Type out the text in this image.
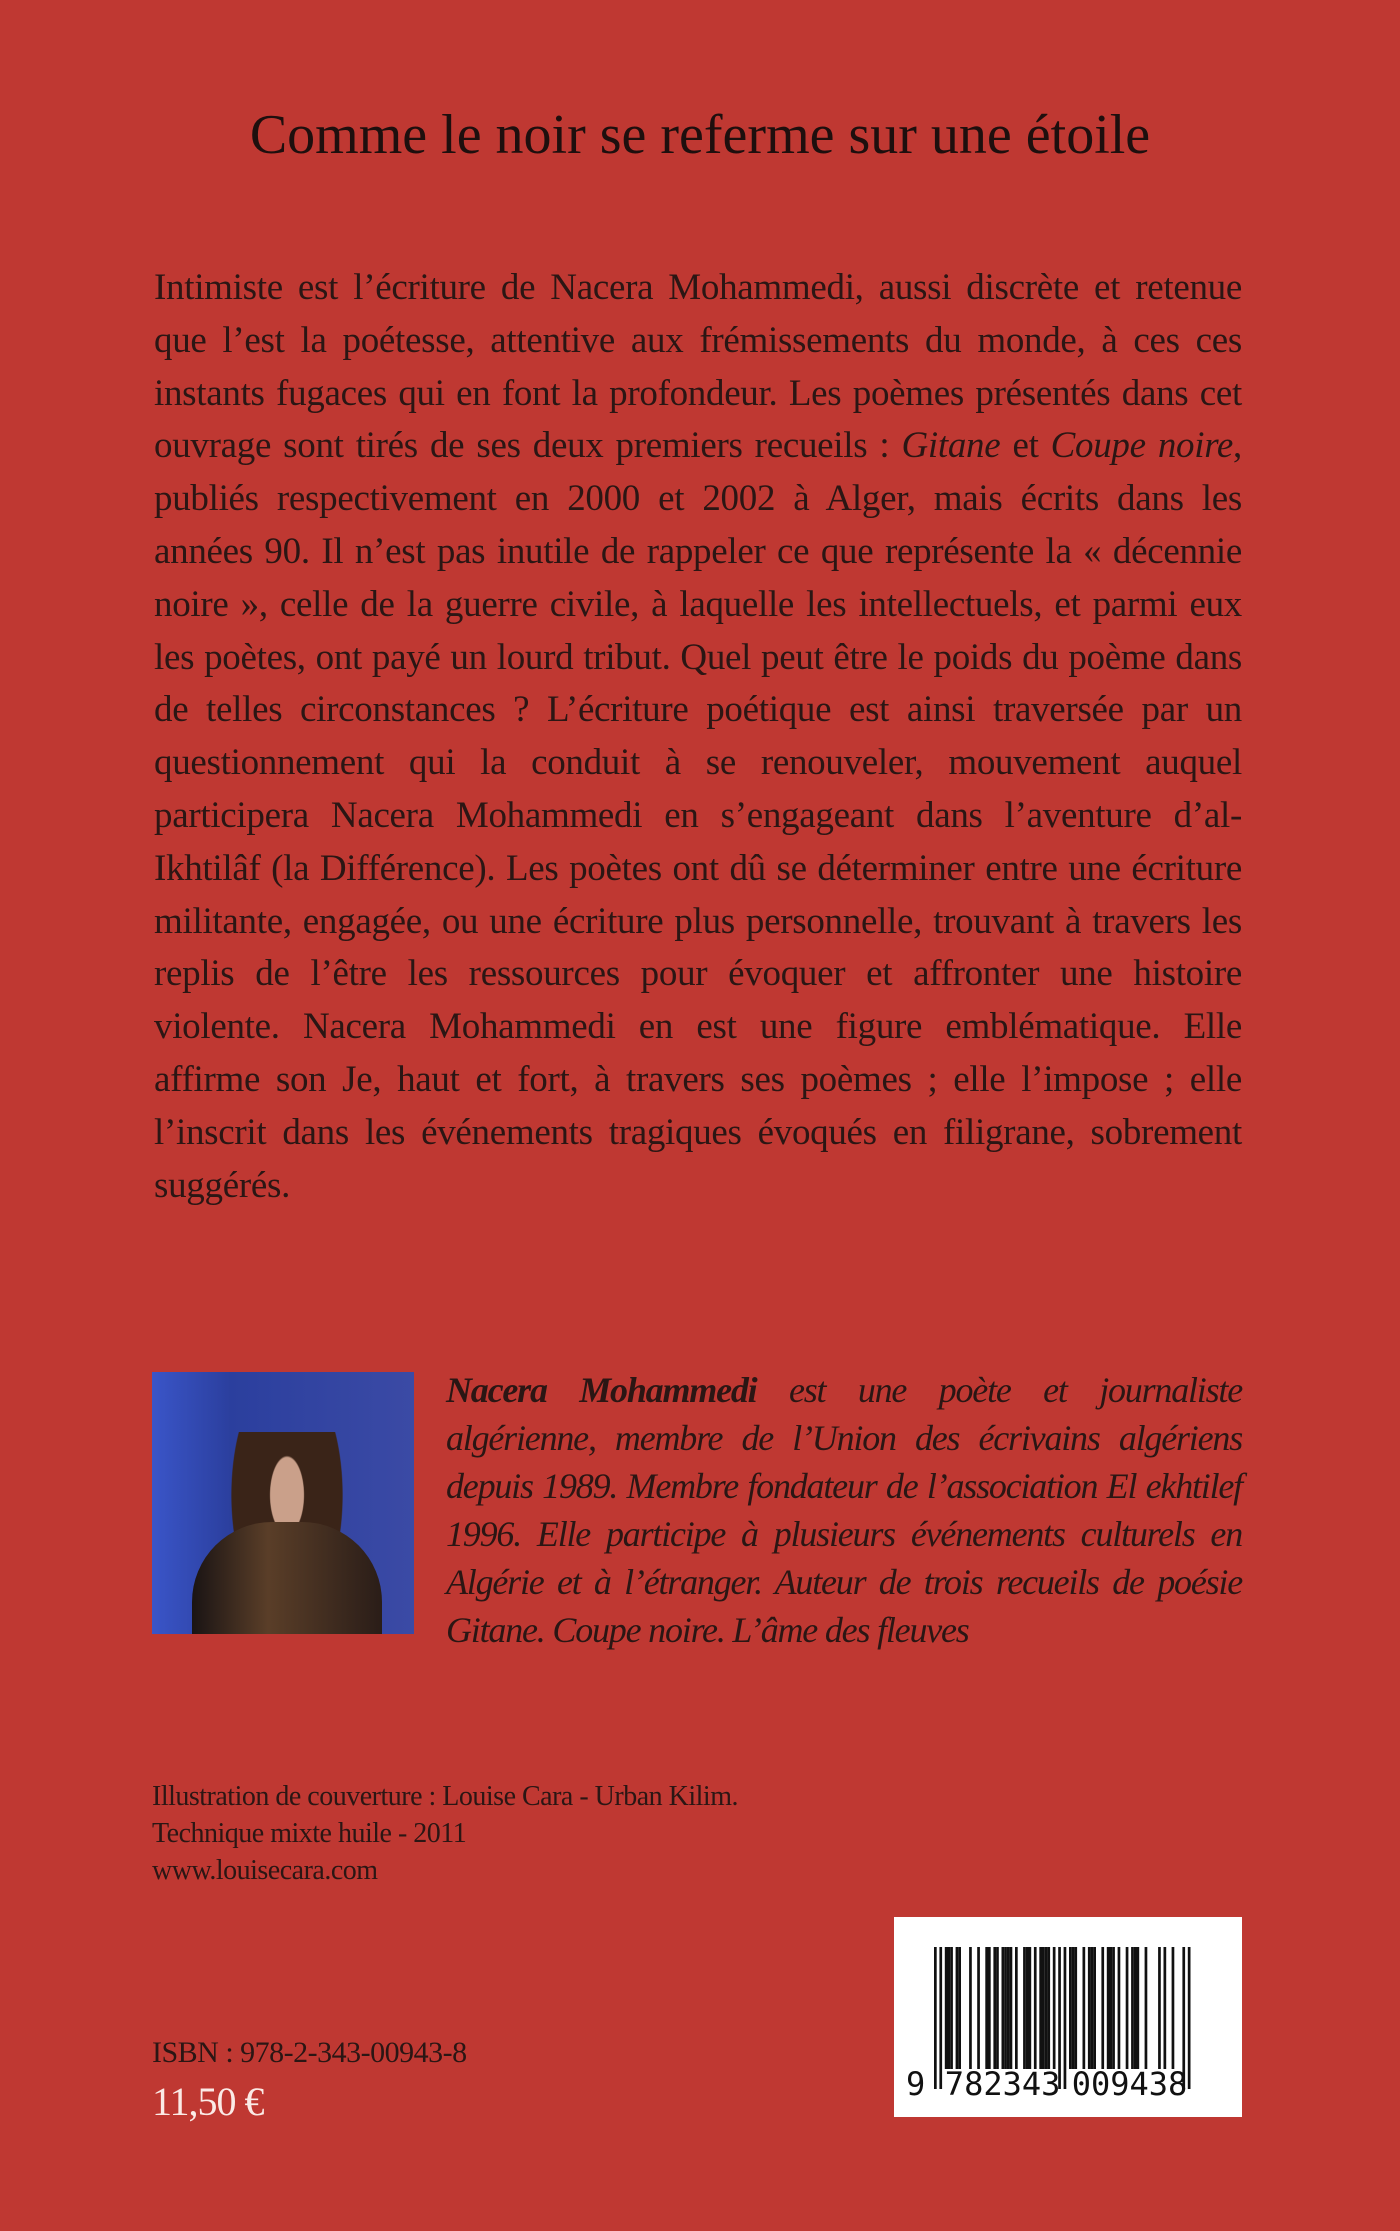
Comme le noir se referme sur une étoile

Intimiste est l’écriture de Nacera Mohammedi, aussi discrète et retenue que l’est la poétesse, attentive aux frémissements du monde, à ces ces instants fugaces qui en font la profondeur. Les poèmes présentés dans cet ouvrage sont tirés de ses deux premiers recueils : Gitane et Coupe noire, publiés respectivement en 2000 et 2002 à Alger, mais écrits dans les années 90. Il n’est pas inutile de rappeler ce que représente la « décennie noire », celle de la guerre civile, à laquelle les intellectuels, et parmi eux les poètes, ont payé un lourd tribut. Quel peut être le poids du poème dans de telles circonstances ? L’écriture poétique est ainsi traversée par un questionnement qui la conduit à se renouveler, mouvement auquel participera Nacera Mohammedi en s’engageant dans l’aventure d’al-Ikhtilâf (la Différence). Les poètes ont dû se déterminer entre une écriture militante, engagée, ou une écriture plus personnelle, trouvant à travers les replis de l’être les ressources pour évoquer et affronter une histoire violente. Nacera Mohammedi en est une figure emblématique. Elle affirme son Je, haut et fort, à travers ses poèmes ; elle l’impose ; elle l’inscrit dans les événements tragiques évoqués en filigrane, sobrement suggérés.

Nacera Mohammedi est une poète et journaliste algérienne, membre de l’Union des écrivains algériens depuis 1989. Membre fondateur de l’association El ekhtilef 1996. Elle participe à plusieurs événements culturels en Algérie et à l’étranger. Auteur de trois recueils de poésie Gitane. Coupe noire. L’âme des fleuves
Illustration de couverture : Louise Cara - Urban Kilim.
Technique mixte huile - 2011
www.louisecara.com
ISBN : 978-2-343-00943-8
11,50 €	9 782343 009438
